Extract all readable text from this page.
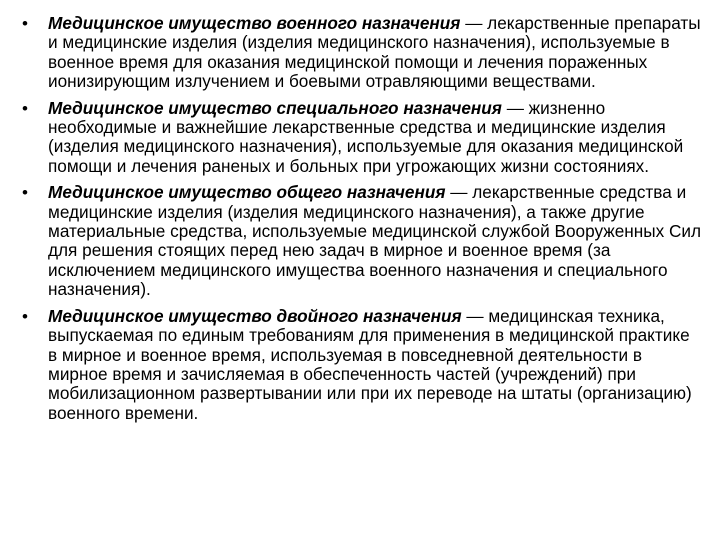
• Медицинское имущество военного назначения — лекарственные препараты и медицинские изделия (изделия медицинского назначения), используемые в военное время для оказания медицинской помощи и лечения пораженных ионизирующим излучением и боевыми отравляющими веществами.
• Медицинское имущество специального назначения — жизненно необходимые и важнейшие лекарственные средства и медицинские изделия (изделия медицинского назначения), используемые для оказания медицинской помощи и лечения раненых и больных при угрожающих жизни состояниях.
• Медицинское имущество общего назначения — лекарственные средства и медицинские изделия (изделия медицинского назначения), а также другие материальные средства, используемые медицинской службой Вооруженных Сил для решения стоящих перед нею задач в мирное и военное время (за исключением медицинского имущества военного назначения и специального назначения).
• Медицинское имущество двойного назначения — медицинская техника, выпускаемая по единым требованиям для применения в медицинской практике в мирное и военное время, используемая в повседневной деятельности в мирное время и зачисляемая в обеспеченность частей (учреждений) при мобилизационном развертывании или при их переводе на штаты (организацию) военного времени.
